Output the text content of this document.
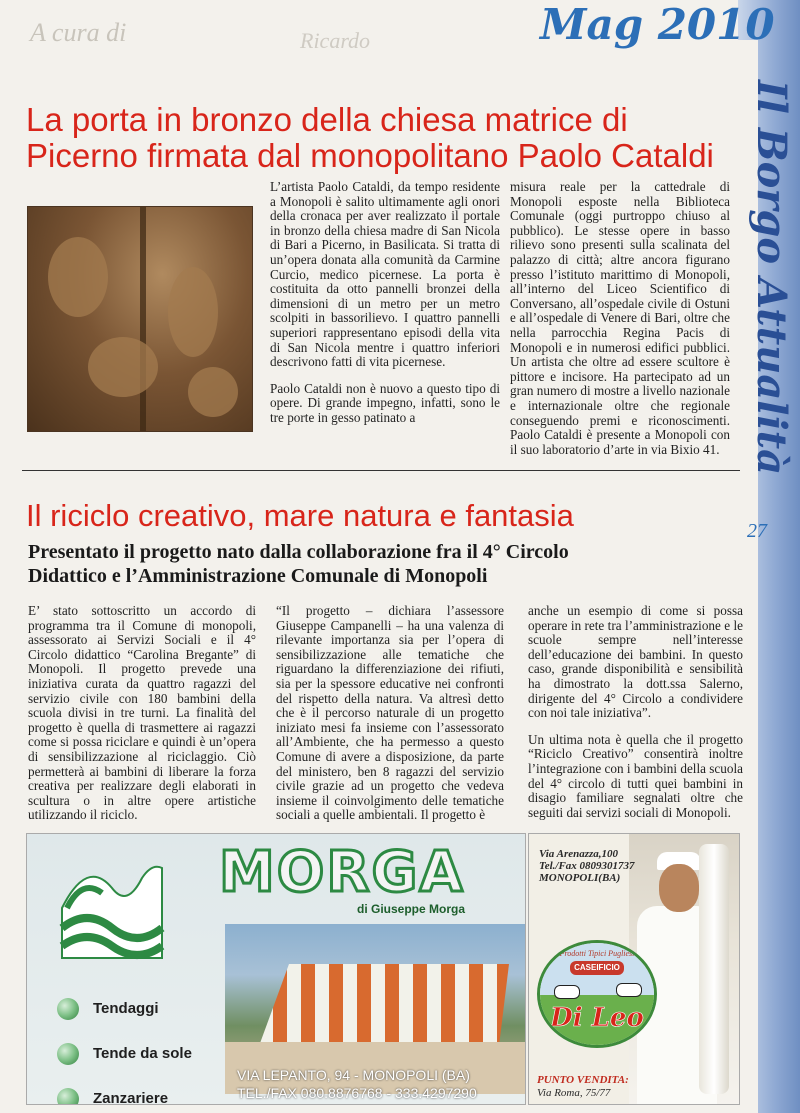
A cura di	Ricardo	Mag 2010
Il Borgo Attualità
27
La porta in bronzo della chiesa matrice di
Picerno firmata dal monopolitano Paolo Cataldi

L’artista Paolo Cataldi, da tempo residente a Monopoli è salito ultimamente agli onori della cronaca per aver realizzato il portale in bronzo della chiesa madre di San Nicola di Bari a Picerno, in Basilicata. Si tratta di un’opera donata alla comunità da Carmine Curcio, medico picernese. La porta è costituita da otto pannelli bronzei della dimensioni di un metro per un metro scolpiti in bassorilievo. I quattro pannelli superiori rappresentano episodi della vita di San Nicola mentre i quattro inferiori descrivono fatti di vita picernese.

Paolo Cataldi non è nuovo a questo tipo di opere. Di grande impegno, infatti, sono le tre porte in gesso patinato a

misura reale per la cattedrale di Monopoli esposte nella Biblioteca Comunale (oggi purtroppo chiuso al pubblico). Le stesse opere in basso rilievo sono presenti sulla scalinata del palazzo di città; altre ancora figurano presso l’istituto marittimo di Monopoli, all’interno del Liceo Scientifico di Conversano, all’ospedale civile di Ostuni e all’ospedale di Venere di Bari, oltre che nella parrocchia Regina Pacis di Monopoli e in numerosi edifici pubblici. Un artista che oltre ad essere scultore è pittore e incisore. Ha partecipato ad un gran numero di mostre a livello nazionale e internazionale oltre che regionale conseguendo premi e riconoscimenti. Paolo Cataldi è presente a Monopoli con il suo laboratorio d’arte in via Bixio 41.

Il riciclo creativo, mare natura e fantasia
Presentato il progetto nato dalla collaborazione fra il 4° Circolo
Didattico e l’Amministrazione Comunale di Monopoli

E’ stato sottoscritto un accordo di programma tra il Comune di monopoli, assessorato ai Servizi Sociali e il 4° Circolo didattico “Carolina Bregante” di Monopoli. Il progetto prevede una iniziativa curata da quattro ragazzi del servizio civile con 180 bambini della scuola divisi in tre turni. La finalità del progetto è quella di trasmettere ai ragazzi come si possa riciclare e quindi è un’opera di sensibilizzazione al riciclaggio. Ciò permetterà ai bambini di liberare la forza creativa per realizzare degli elaborati in scultura o in altre opere artistiche utilizzando il riciclo.

“Il progetto – dichiara l’assessore Giuseppe Campanelli – ha una valenza di rilevante importanza sia per l’opera di sensibilizzazione alle tematiche che riguardano la differenziazione dei rifiuti, sia per la spessore educative nei confronti del rispetto della natura. Va altresì detto che è il percorso naturale di un progetto iniziato mesi fa insieme con l’assessorato all’Ambiente, che ha permesso a questo Comune di avere a disposizione, da parte del ministero, ben 8 ragazzi del servizio civile grazie ad un progetto che vedeva insieme il coinvolgimento delle tematiche sociali a quelle ambientali. Il progetto è

anche un esempio di come si possa operare in rete tra l’amministrazione e le scuole sempre nell’interesse dell’educazione dei bambini. In questo caso, grande disponibilità e sensibilità ha dimostrato la dott.ssa Salerno, dirigente del 4° Circolo a condividere con noi tale iniziativa”.

Un ultima nota è quella che il progetto “Riciclo Creativo” consentirà inoltre l’integrazione con i bambini della scuola del 4° circolo di tutti quei bambini in disagio familiare segnalati oltre che seguiti dai servizi sociali di Monopoli.

MORGA
di Giuseppe Morga
Tendaggi
Tende da sole
Zanzariere
VIA LEPANTO, 94 - MONOPOLI (BA)
TEL./FAX 080.8876768 - 333.4297290
Via Arenazza,100
Tel./Fax 0809301737
MONOPOLI(BA)
Prodotti Tipici Pugliesi
CASEIFICIO
Di Leo
PUNTO VENDITA:
Via Roma, 75/77
